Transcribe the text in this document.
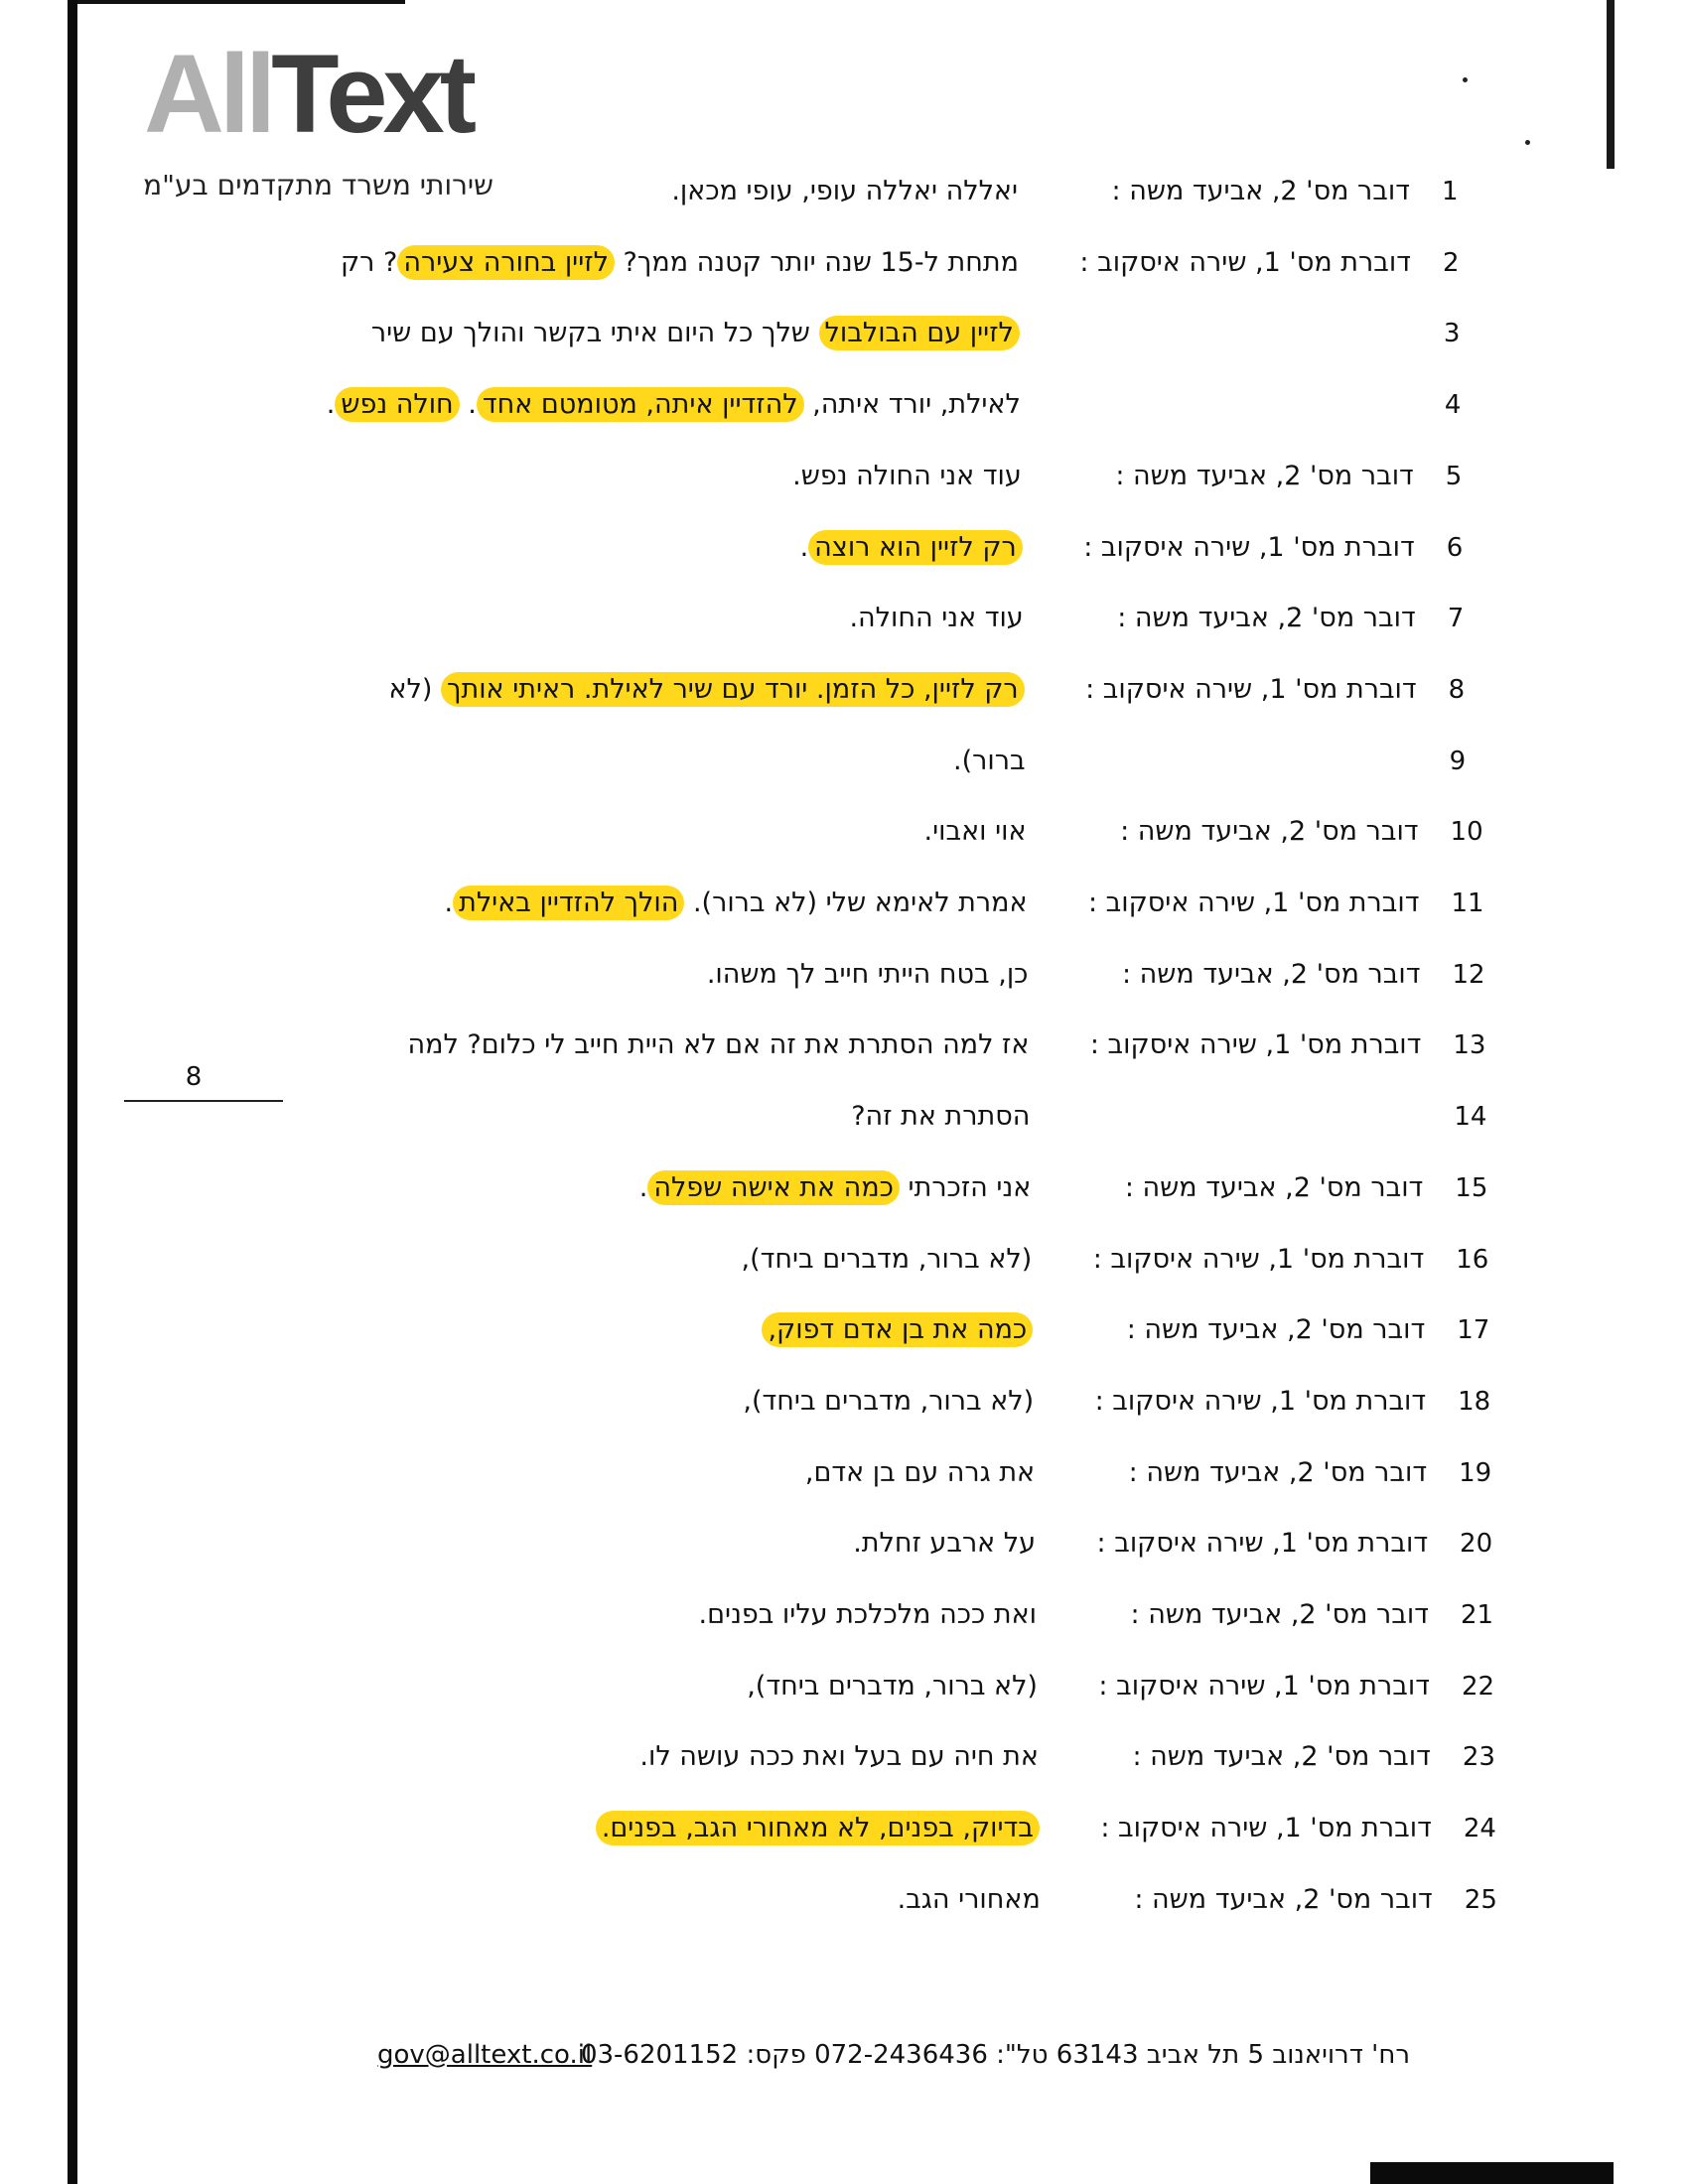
AllText
שירותי משרד מתקדמים בע"מ	1
דובר מס' 2, אביעד משה :
יאללה יאללה עופי, עופי מכאן.
2
דוברת מס' 1, שירה איסקוב :
מתחת ל-15 שנה יותר קטנה ממך? לזיין בחורה צעירה? רק
3
לזיין עם הבולבול שלך כל היום איתי בקשר והולך עם שיר
4
לאילת, יורד איתה, להזדיין איתה, מטומטם אחד. חולה נפש.
5
דובר מס' 2, אביעד משה :
עוד אני החולה נפש.
6
דוברת מס' 1, שירה איסקוב :
רק לזיין הוא רוצה.
7
דובר מס' 2, אביעד משה :
עוד אני החולה.
8
דוברת מס' 1, שירה איסקוב :
רק לזיין, כל הזמן. יורד עם שיר לאילת. ראיתי אותך (לא
9
ברור).
10
דובר מס' 2, אביעד משה :
אוי ואבוי.
11
דוברת מס' 1, שירה איסקוב :
אמרת לאימא שלי (לא ברור). הולך להזדיין באילת.
12
דובר מס' 2, אביעד משה :
כן, בטח הייתי חייב לך משהו.
13
דוברת מס' 1, שירה איסקוב :
אז למה הסתרת את זה אם לא היית חייב לי כלום? למה
14
הסתרת את זה?
15
דובר מס' 2, אביעד משה :
אני הזכרתי כמה את אישה שפלה.
16
דוברת מס' 1, שירה איסקוב :
(לא ברור, מדברים ביחד),
17
דובר מס' 2, אביעד משה :
כמה את בן אדם דפוק,
18
דוברת מס' 1, שירה איסקוב :
(לא ברור, מדברים ביחד),
19
דובר מס' 2, אביעד משה :
את גרה עם בן אדם,
20
דוברת מס' 1, שירה איסקוב :
על ארבע זחלת.
21
דובר מס' 2, אביעד משה :
ואת ככה מלכלכת עליו בפנים.
22
דוברת מס' 1, שירה איסקוב :
(לא ברור, מדברים ביחד),
23
דובר מס' 2, אביעד משה :
את חיה עם בעל ואת ככה עושה לו.
24
דוברת מס' 1, שירה איסקוב :
בדיוק, בפנים, לא מאחורי הגב, בפנים.
25
דובר מס' 2, אביעד משה :
מאחורי הגב.
8
רח' דרויאנוב 5 תל אביב 63143 טל": 072-2436436 פקס: 03-6201152
gov@alltext.co.il
